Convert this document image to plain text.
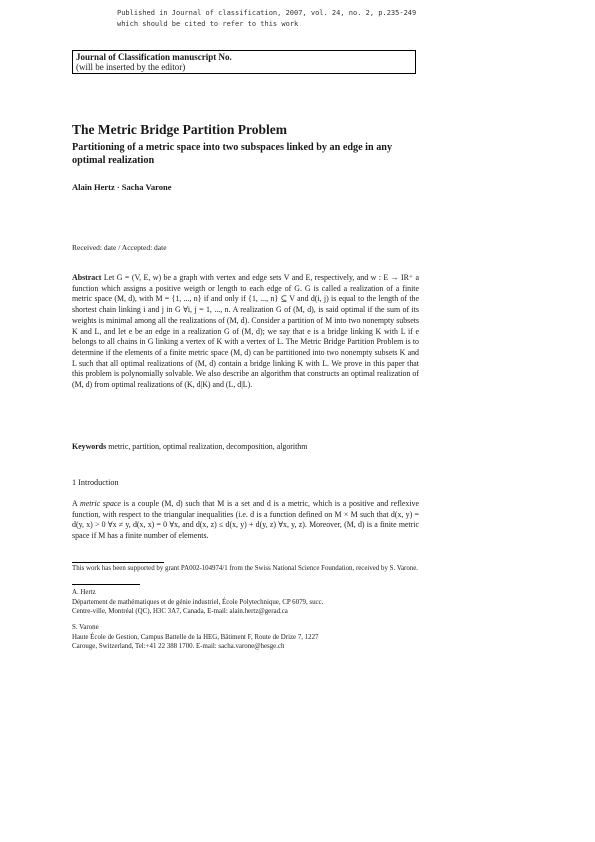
Published in Journal of classification, 2007, vol. 24, no. 2, p.235-249
which should be cited to refer to this work
Journal of Classification manuscript No.
(will be inserted by the editor)
The Metric Bridge Partition Problem
Partitioning of a metric space into two subspaces linked by an edge in any optimal realization
Alain Hertz · Sacha Varone
Received: date / Accepted: date

Abstract Let G = (V, E, w) be a graph with vertex and edge sets V and E, respectively, and w : E → IR⁺ a function which assigns a positive weigth or length to each edge of G. G is called a realization of a finite metric space (M, d), with M = {1, ..., n} if and only if {1, ..., n} ⊆ V and d(i, j) is equal to the length of the shortest chain linking i and j in G ∀i, j = 1, ..., n. A realization G of (M, d), is said optimal if the sum of its weights is minimal among all the realizations of (M, d). Consider a partition of M into two nonempty subsets K and L, and let e be an edge in a realization G of (M, d); we say that e is a bridge linking K with L if e belongs to all chains in G linking a vertex of K with a vertex of L. The Metric Bridge Partition Problem is to determine if the elements of a finite metric space (M, d) can be partitioned into two nonempty subsets K and L such that all optimal realizations of (M, d) contain a bridge linking K with L. We prove in this paper that this problem is polynomially solvable. We also describe an algorithm that constructs an optimal realization of (M, d) from optimal realizations of (K, d|K) and (L, d|L).

Keywords metric, partition, optimal realization, decomposition, algorithm
1 Introduction

A metric space is a couple (M, d) such that M is a set and d is a metric, which is a positive and reflexive function, with respect to the triangular inequalities (i.e. d is a function defined on M × M such that d(x, y) = d(y, x) > 0 ∀x ≠ y, d(x, x) = 0 ∀x, and d(x, z) ≤ d(x, y) + d(y, z) ∀x, y, z). Moreover, (M, d) is a finite metric space if M has a finite number of elements.

This work has been supported by grant PA002-104974/1 from the Swiss National Science Foundation, received by S. Varone.

A. Hertz
Département de mathématiques et de génie industriel, École Polytechnique, CP 6079, succ.
Centre-ville, Montréal (QC), H3C 3A7, Canada, E-mail: alain.hertz@gerad.ca

S. Varone
Haute École de Gestion, Campus Battelle de la HEG, Bâtiment F, Route de Drize 7, 1227
Carouge, Switzerland, Tel:+41 22 388 1700. E-mail: sacha.varone@hesge.ch
